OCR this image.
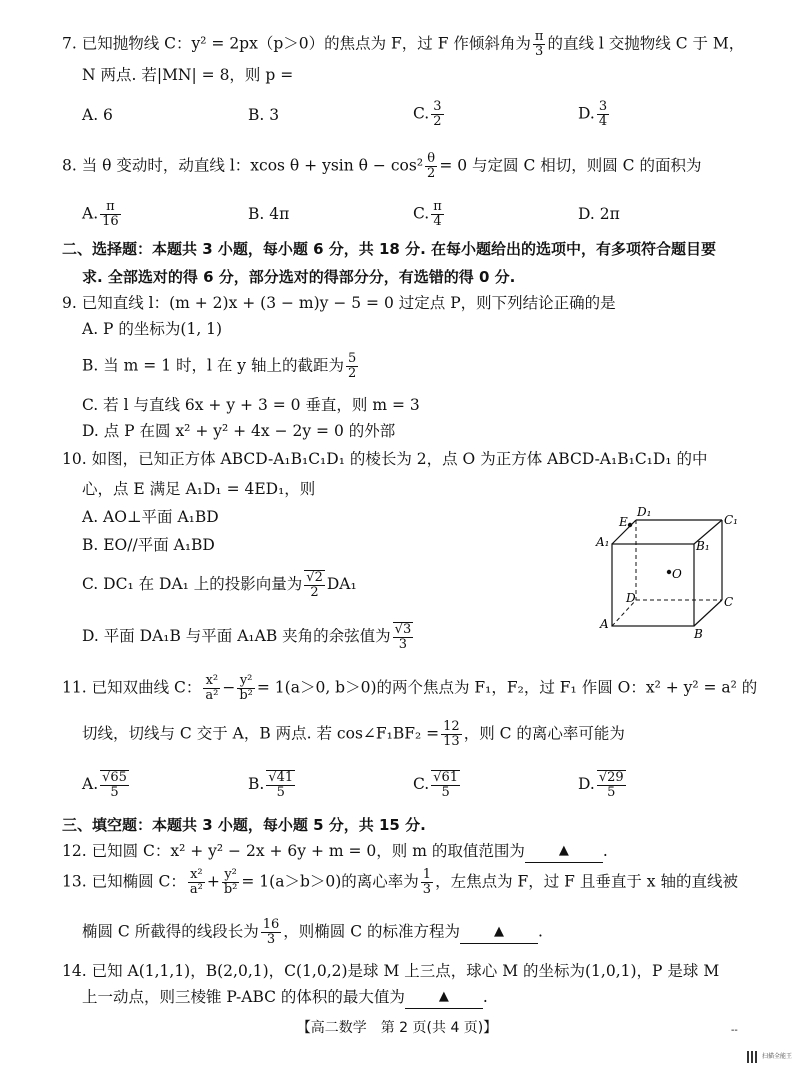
7. 已知抛物线 C：y² = 2px（p＞0）的焦点为 F，过 F 作倾斜角为 $\frac{\pi}{3}$ 的直线 l 交抛物线 C 于 M，
N 两点. 若|MN| = 8，则 p =
A. 6	B. 3	C. $\frac{3}{2}$	D. $\frac{3}{4}$
8. 当 θ 变动时，动直线 l：xcos θ + ysin $\theta - \cos^2 \frac{\theta}{2} = 0$ 与定圆 C 相切，则圆 C 的面积为
A. $\frac{\pi}{16}$	B. 4π	C. $\frac{\pi}{4}$	D. 2π
二、选择题：本题共 3 小题，每小题 6 分，共 18 分. 在每小题给出的选项中，有多项符合题目要
求. 全部选对的得 6 分，部分选对的得部分分，有选错的得 0 分.
9. 已知直线 l：(m + 2)x + (3 − m)y − 5 = 0 过定点 P，则下列结论正确的是
A. P 的坐标为(1, 1)
B. 当 m = 1 时，l 在 y 轴上的截距为 $\frac{5}{2}$
C. 若 l 与直线 6x + y + 3 = 0 垂直，则 m = 3
D. 点 P 在圆 x² + y² + 4x − 2y = 0 的外部
10. 如图，已知正方体 ABCD-A₁B₁C₁D₁ 的棱长为 2，点 O 为正方体 ABCD-A₁B₁C₁D₁ 的中
心，点 E 满足 A₁D₁ = 4ED₁，则
A. AO⊥平面 A₁BD
B. EO//平面 A₁BD
C. DC₁ 在 DA₁ 上的投影向量为 $\frac{√2}{2} DA_1$
D. 平面 DA₁B 与平面 A₁AB 夹角的余弦值为 $\frac{√3}{3}$
E
D₁
C₁
A₁	B₁
O
D	C
A
B
11. 已知双曲线 C： $\frac{\text{x²}}{\text{a²}} - \frac{\text{y²}}{\text{b²}} = 1(a>0$, b＞0)的两个焦点为 F₁，F₂，过 F₁ 作圆 O：x² + y² = a² 的
切线，切线与 C 交于 A，B 两点. 若 cos∠F₁BF₂ = $\frac{12}{13}$ ，则 C 的离心率可能为
A. $\frac{√65}{5}$	B. $\frac{√41}{5}$	C. $\frac{√61}{5}$	D. $\frac{√29}{5}$
三、填空题：本题共 3 小题，每小题 5 分，共 15 分.
12. 已知圆 C：x² + y² − 2x + 6y + m = 0，则 m 的取值范围为	▲ .
13. 已知椭圆 C： $\frac{\text{x²}}{\text{a²}} + \frac{\text{y²}}{\text{b²}} = 1(a>b>0)$的离心率为 $\frac{1}{3}$ ，左焦点为 F，过 F 且垂直于 x 轴的直线被
椭圆 C 所截得的线段长为 $\frac{16}{3}$ ，则椭圆 C 的标准方程为	▲ .
14. 已知 A(1,1,1)，B(2,0,1)，C(1,0,2)是球 M 上三点，球心 M 的坐标为(1,0,1)，P 是球 M
上一动点，则三棱锥 P-ABC 的体积的最大值为	▲ .
【高二数学　第 2 页(共 4 页)】	--
扫描全能王
